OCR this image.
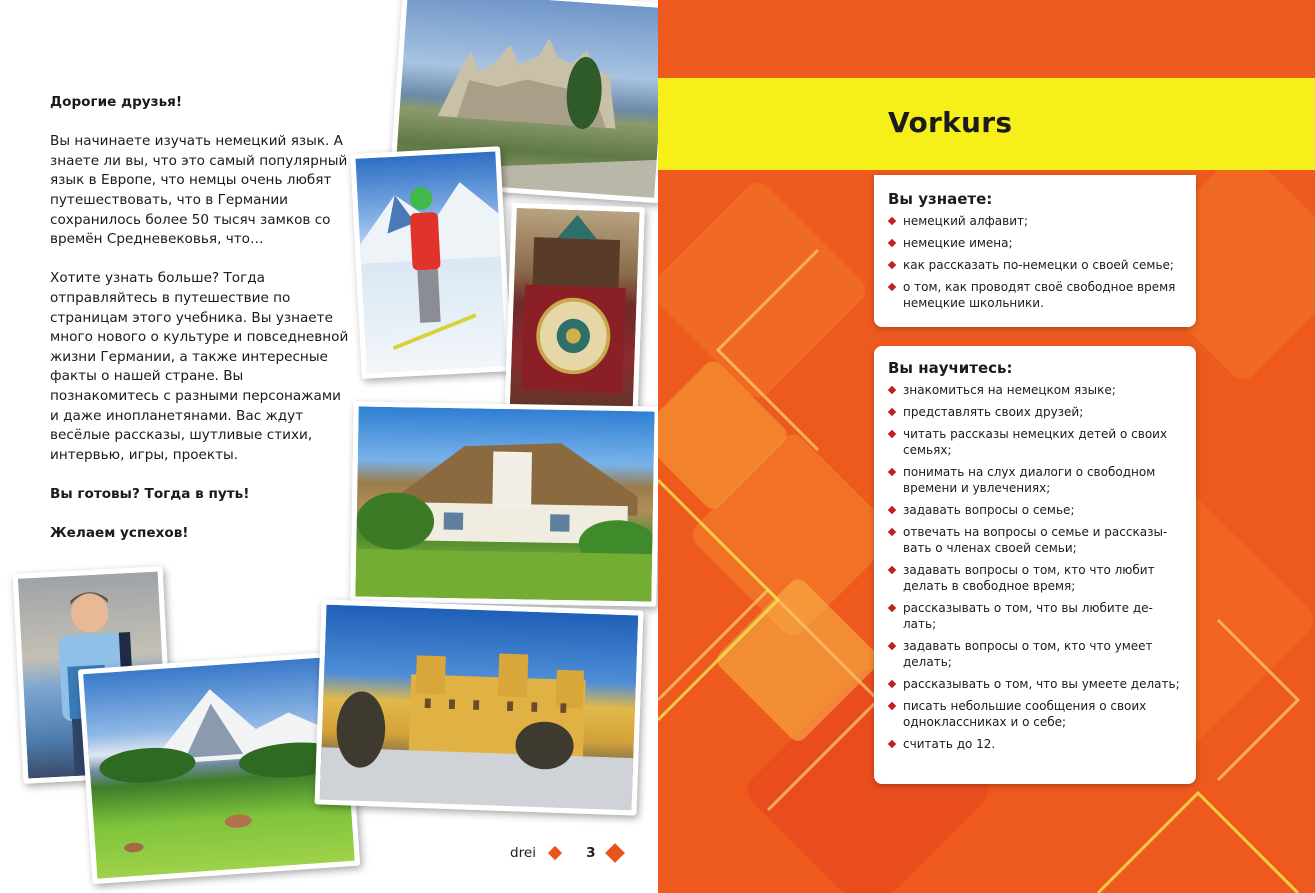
Дорогие друзья!

Вы начинаете изучать немецкий язык. А знаете ли вы, что это самый популярный язык в Европе, что немцы очень любят путешествовать, что в Германии сохранилось более 50 тысяч замков со времён Средневековья, что…

Хотите узнать больше? Тогда отправляйтесь в путешествие по страницам этого учебника. Вы узнаете много нового о культуре и повседневной жизни Германии, а также интересные факты о нашей стране. Вы познакомитесь с разными персонажами и даже инопланетянами. Вас ждут весёлые рассказы, шутливые стихи, интервью, игры, проекты.

Вы готовы? Тогда в путь!

Желаем успехов!

drei	3
Vorkurs
Вы узнаете:
немецкий алфавит;
немецкие имена;
как рассказать по-немецки о своей семье;
о том, как проводят своё свободное время немецкие школьники.
Вы научитесь:
знакомиться на немецком языке;
представлять своих друзей;
читать рассказы немецких детей о своих семьях;
понимать на слух диалоги о свободном времени и увлечениях;
задавать вопросы о семье;
отвечать на вопросы о семье и рассказы-вать о членах своей семьи;
задавать вопросы о том, кто что любит делать в свободное время;
рассказывать о том, что вы любите де-лать;
задавать вопросы о том, кто что умеет делать;
рассказывать о том, что вы умеете делать;
писать небольшие сообщения о своих одноклассниках и о себе;
считать до 12.
